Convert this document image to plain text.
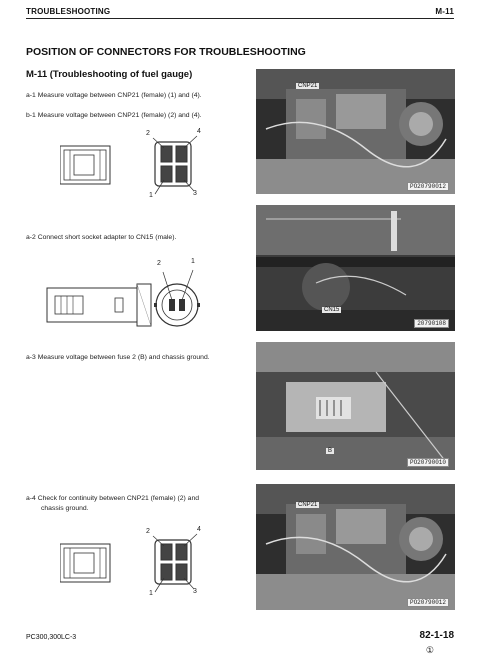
TROUBLESHOOTING	M-11
POSITION OF CONNECTORS FOR TROUBLESHOOTING
M-11 (Troubleshooting of fuel gauge)
a-1 Measure voltage between CNP21 (female) (1) and (4).
b-1 Measure voltage between CNP21 (female) (2) and (4).
a-2 Connect short socket adapter to CN15 (male).
a-3 Measure voltage between fuse 2 (B) and chassis ground.
a-4 Check for continuity between CNP21 (female) (2) and
chassis ground.
2	4
1	3
2	1
2	4
1	3
CNP21
PO20790012
CN15
20790108
B
PO20790010
CNP21
PO20790012
PC300,300LC-3	82-1-18
①
